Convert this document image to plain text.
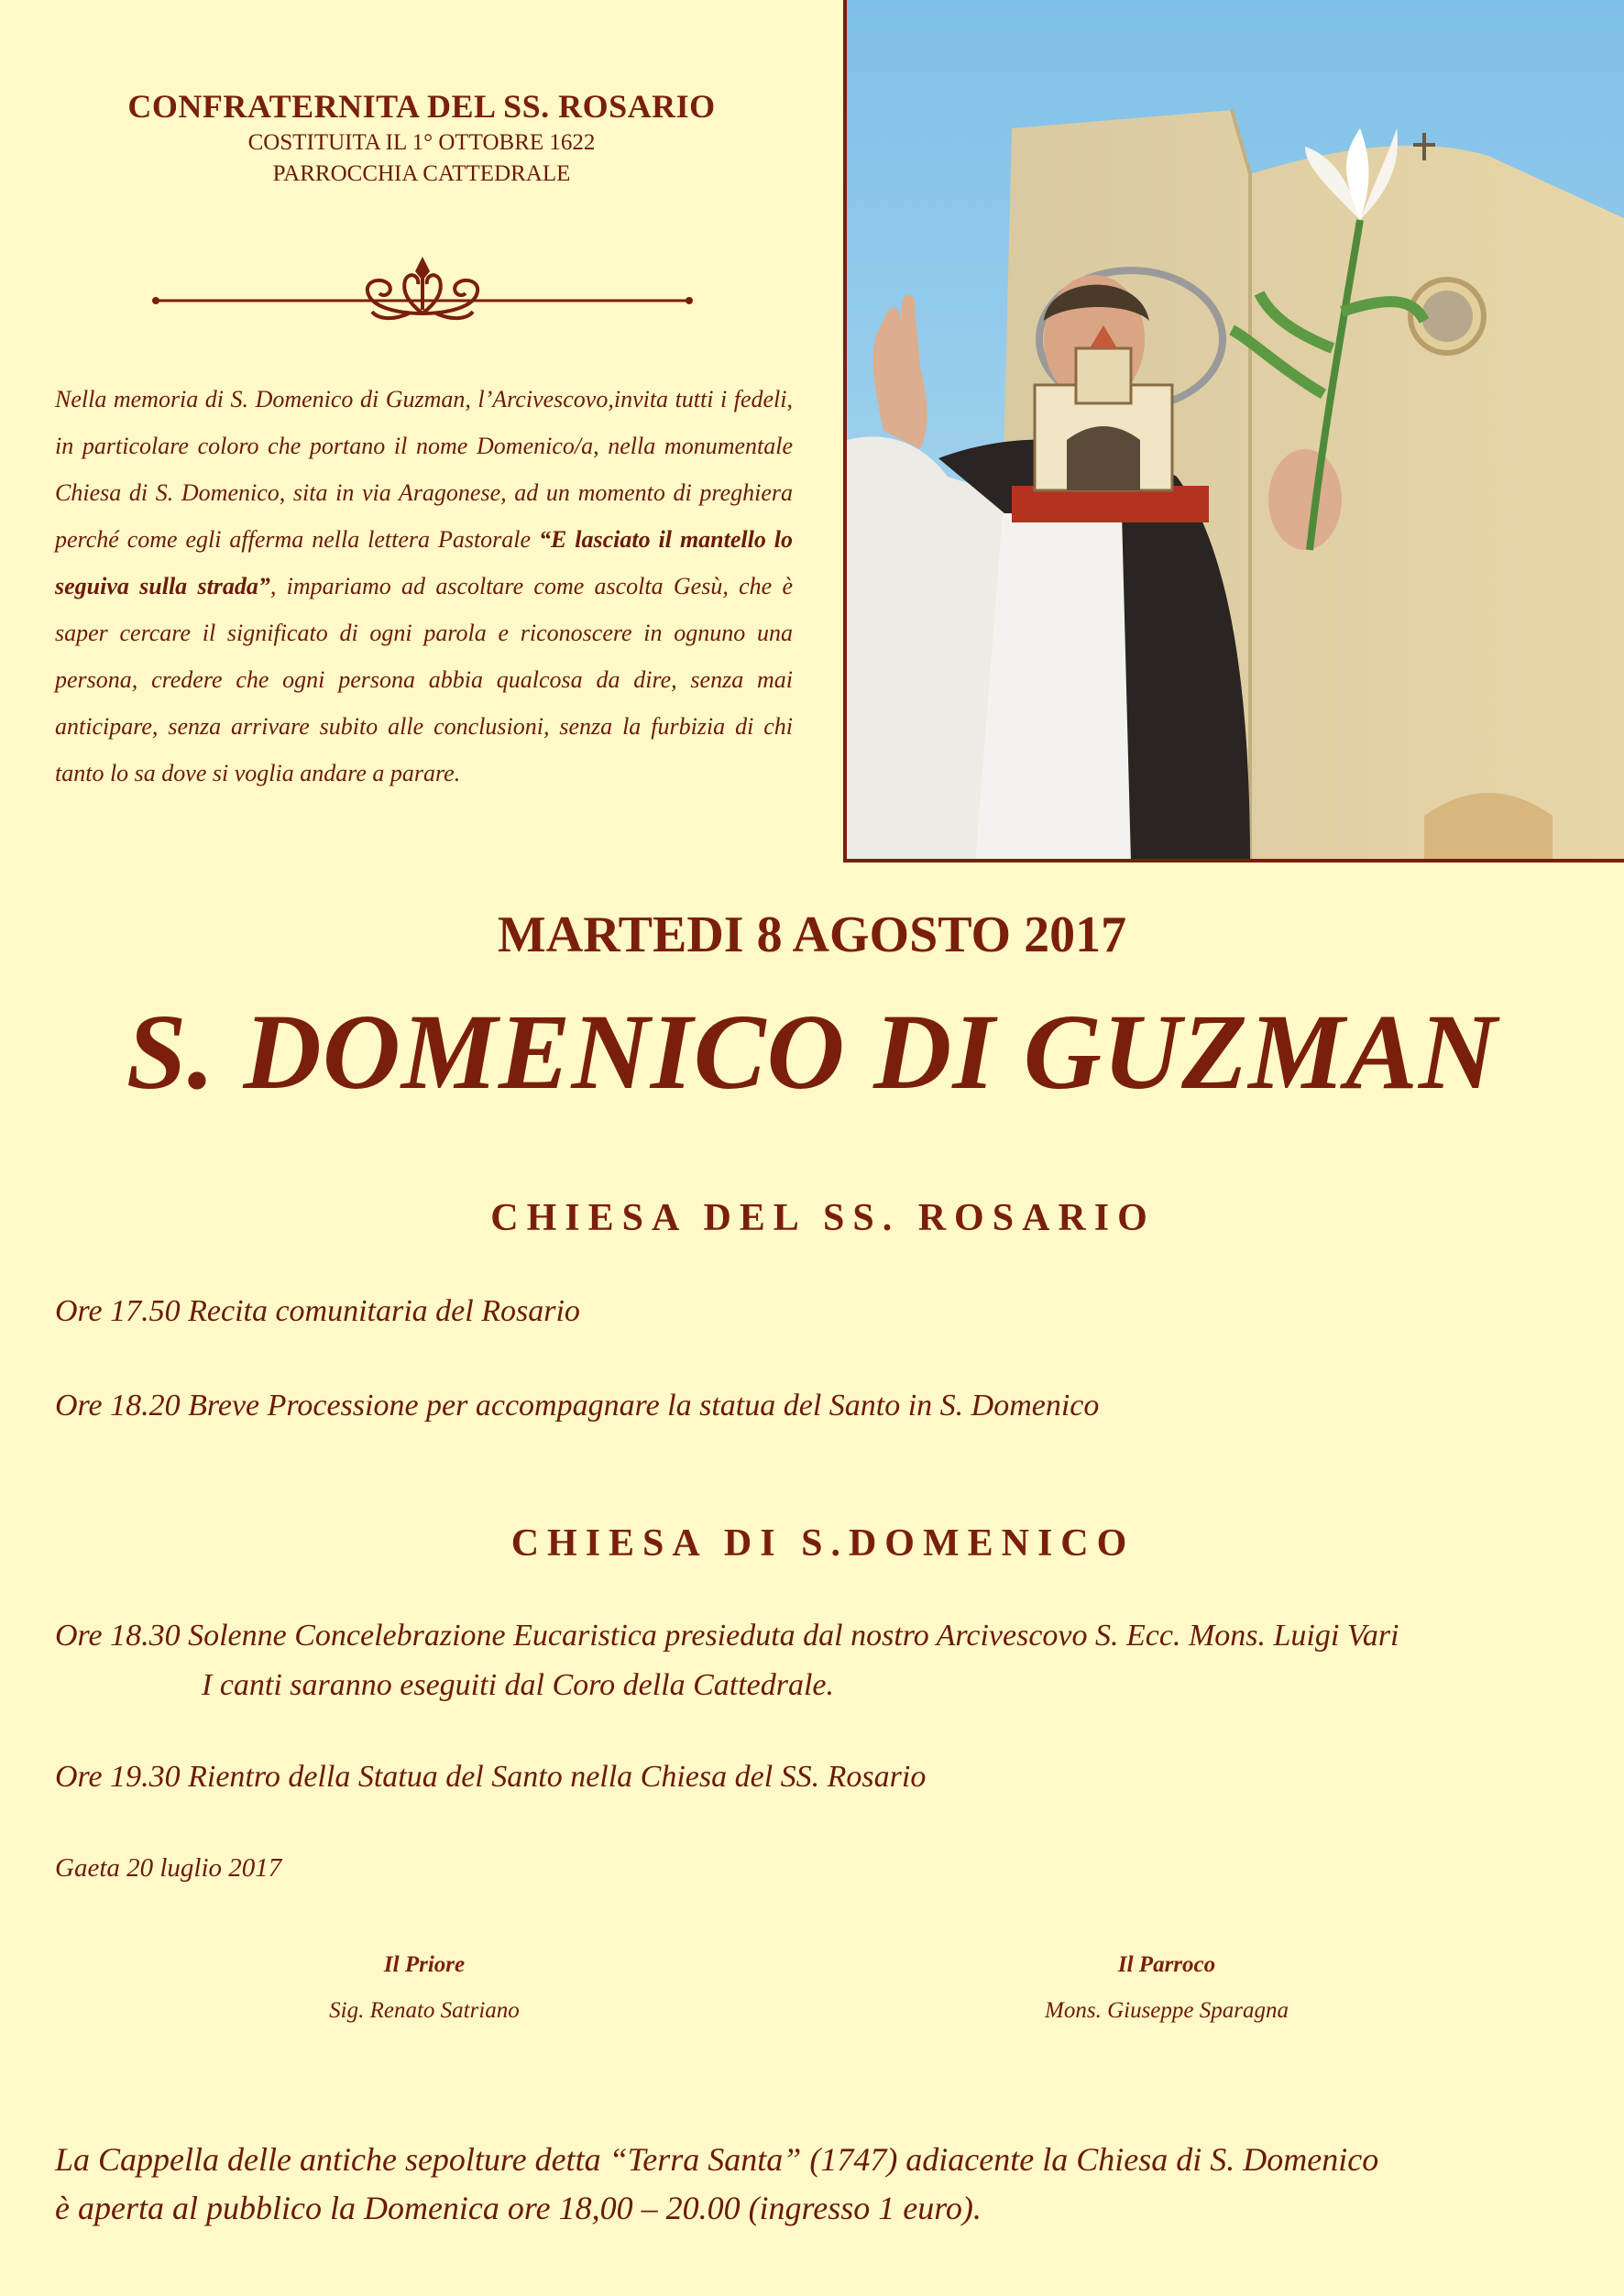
CONFRATERNITA DEL SS. ROSARIO
COSTITUITA IL 1° OTTOBRE 1622
PARROCCHIA CATTEDRALE
Nella memoria di S. Domenico di Guzman, l’Arcivescovo,invita tutti i fedeli, in particolare coloro che portano il nome Domenico/a, nella monumentale Chiesa di S. Domenico, sita in via Aragonese, ad un momento di preghiera perché come egli afferma nella lettera Pastorale “E lasciato il mantello lo seguiva sulla strada”, impariamo ad ascoltare come ascolta Gesù, che è saper cercare il significato di ogni parola e riconoscere in ognuno una persona, credere che ogni persona abbia qualcosa da dire, senza mai anticipare, senza arrivare subito alle conclusioni, senza la furbizia di chi tanto lo sa dove si voglia andare a parare.
MARTEDI 8 AGOSTO 2017
S. DOMENICO DI GUZMAN
CHIESA DEL SS. ROSARIO
Ore 17.50 Recita comunitaria del Rosario
Ore 18.20 Breve Processione per accompagnare la statua del Santo in S. Domenico
CHIESA DI S.DOMENICO
Ore 18.30 Solenne Concelebrazione Eucaristica presieduta dal nostro Arcivescovo S. Ecc. Mons. Luigi Vari
I canti saranno eseguiti dal Coro della Cattedrale.
Ore 19.30 Rientro della Statua del Santo nella Chiesa del SS. Rosario
Gaeta 20 luglio 2017
Il Priore
Sig. Renato Satriano
Il Parroco
Mons. Giuseppe Sparagna
La Cappella delle antiche sepolture detta “Terra Santa” (1747) adiacente la Chiesa di S. Domenico
è aperta al pubblico la Domenica ore 18,00 – 20.00 (ingresso 1 euro).
